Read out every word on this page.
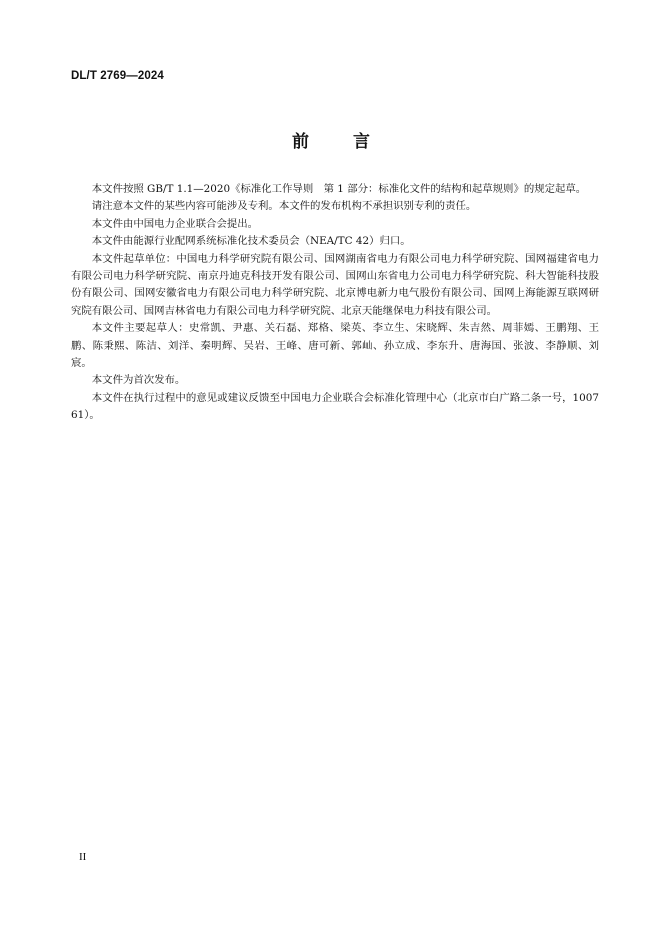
DL/T 2769—2024
前	言

本文件按照 GB/T 1.1—2020《标准化工作导则　第 1 部分：标准化文件的结构和起草规则》的规定起草。

请注意本文件的某些内容可能涉及专利。本文件的发布机构不承担识别专利的责任。

本文件由中国电力企业联合会提出。

本文件由能源行业配网系统标准化技术委员会（NEA/TC 42）归口。

本文件起草单位：中国电力科学研究院有限公司、国网湖南省电力有限公司电力科学研究院、国网福建省电力有限公司电力科学研究院、南京丹迪克科技开发有限公司、国网山东省电力公司电力科学研究院、科大智能科技股份有限公司、国网安徽省电力有限公司电力科学研究院、北京博电新力电气股份有限公司、国网上海能源互联网研究院有限公司、国网吉林省电力有限公司电力科学研究院、北京天能继保电力科技有限公司。

本文件主要起草人：史常凯、尹惠、关石磊、郑格、梁英、李立生、宋晓辉、朱吉然、周菲嫣、王鹏翔、王鹏、陈秉熙、陈洁、刘洋、秦明辉、吴岩、王峰、唐可新、郭屾、孙立成、李东升、唐海国、张波、李静顺、刘宸。

本文件为首次发布。

本文件在执行过程中的意见或建议反馈至中国电力企业联合会标准化管理中心（北京市白广路二条一号，100761）。

II
